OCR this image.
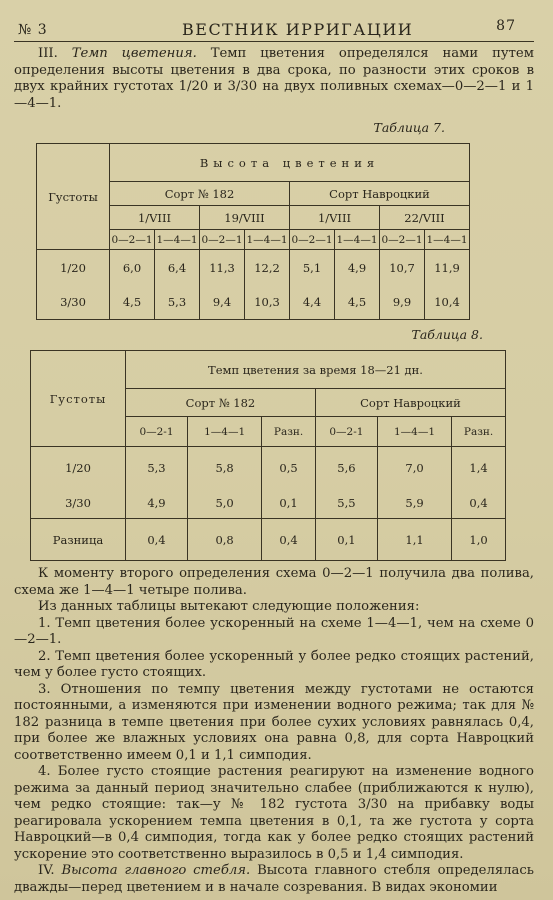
№ 3	ВЕСТНИК ИРРИГАЦИИ	87

III. Темп цветения. Темп цветения определялся нами путем определения высоты цветения в два срока, по разности этих сроков в двух крайних густотах 1/20 и 3/30 на двух поливных схемах—0—2—1 и 1—4—1.

Таблица 7.
Густоты	Высота цветения							
	Сорт № 182				Сорт Навроцкий			
	1/VIII		19/VIII		1/VIII		22/VIII	
	0—2—1	1—4—1	0—2—1	1—4—1	0—2—1	1—4—1	0—2—1	1—4—1
1/20	6,0	6,4	11,3	12,2	5,1	4,9	10,7	11,9
3/30	4,5	5,3	9,4	10,3	4,4	4,5	9,9	10,4
Таблица 8.
Густоты	Темп цветения за время 18—21 дн.					
	Сорт № 182			Сорт Навроцкий		
	0—2-1	1—4—1	Разн.	0—2-1	1—4—1	Разн.
1/20	5,3	5,8	0,5	5,6	7,0	1,4
3/30	4,9	5,0	0,1	5,5	5,9	0,4
Разница	0,4	0,8	0,4	0,1	1,1	1,0

К моменту второго определения схема 0—2—1 получила два полива, схема же 1—4—1 четыре полива.

Из данных таблицы вытекают следующие положения:

1. Темп цветения более ускоренный на схеме 1—4—1, чем на схеме 0—2—1.

2. Темп цветения более ускоренный у более редко стоящих растений, чем у более густо стоящих.

3. Отношения по темпу цветения между густотами не остаются постоянными, а изменяются при изменении водного режима; так для № 182 разница в темпе цветения при более сухих условиях равнялась 0,4, при более же влажных условиях она равна 0,8, для сорта Навроцкий соответственно имеем 0,1 и 1,1 симподия.

4. Более густо стоящие растения реагируют на изменение водного режима за данный период значительно слабее (приближаются к нулю), чем редко стоящие: так—у № 182 густота 3/30 на прибавку воды реагировала ускорением темпа цветения в 0,1, та же густота у сорта Навроцкий—в 0,4 симподия, тогда как у более редко стоящих растений ускорение это соответственно выразилось в 0,5 и 1,4 симподия.

IV. Высота главного стебля. Высота главного стебля определялась дважды—перед цветением и в начале созревания. В видах экономии
